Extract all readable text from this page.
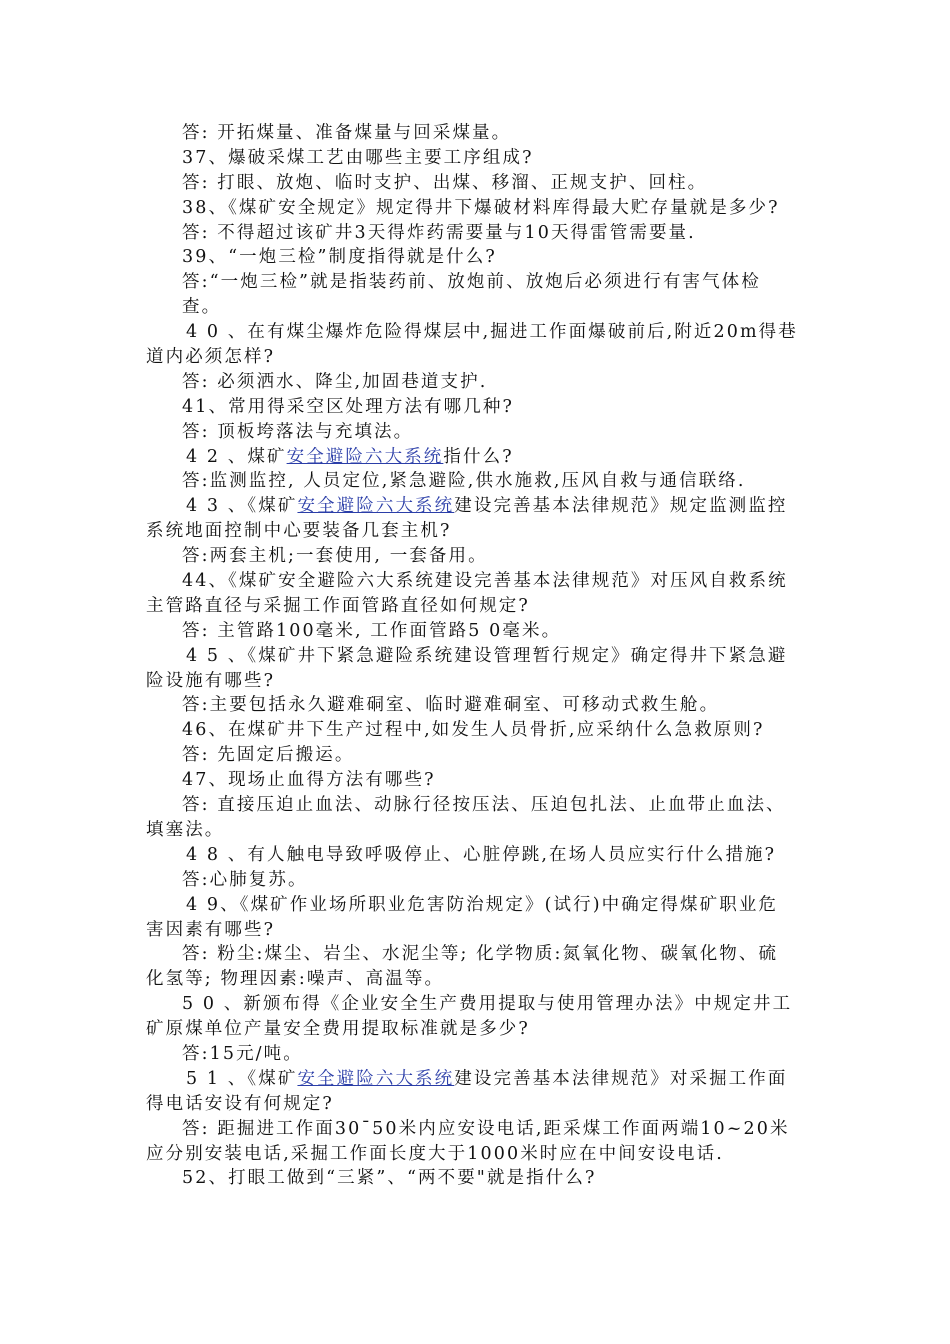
答: 开拓煤量、准备煤量与回采煤量。
37、爆破采煤工艺由哪些主要工序组成?
答: 打眼、放炮、临时支护、出煤、移溜、正规支护、回柱。
38、《煤矿安全规定》规定得井下爆破材料库得最大贮存量就是多少?
答: 不得超过该矿井3天得炸药需要量与10天得雷管需要量.
39、“一炮三检”制度指得就是什么?
答:“一炮三检”就是指装药前、放炮前、放炮后必须进行有害气体检
查。
4 0 、在有煤尘爆炸危险得煤层中,掘进工作面爆破前后,附近20m得巷
道内必须怎样?
答: 必须洒水、降尘,加固巷道支护.
41、常用得采空区处理方法有哪几种?
答: 顶板垮落法与充填法。
4 2 、煤矿安全避险六大系统指什么?
答:监测监控, 人员定位,紧急避险,供水施救,压风自救与通信联络.
4 3 、《煤矿安全避险六大系统建设完善基本法律规范》规定监测监控
系统地面控制中心要装备几套主机?
答:两套主机;一套使用, 一套备用。
44、《煤矿安全避险六大系统建设完善基本法律规范》对压风自救系统
主管路直径与采掘工作面管路直径如何规定?
答: 主管路100毫米, 工作面管路5 0毫米。
4 5 、《煤矿井下紧急避险系统建设管理暂行规定》确定得井下紧急避
险设施有哪些?
答:主要包括永久避难硐室、临时避难硐室、可移动式救生舱。
46、在煤矿井下生产过程中,如发生人员骨折,应采纳什么急救原则?
答: 先固定后搬运。
47、现场止血得方法有哪些?
答: 直接压迫止血法、动脉行径按压法、压迫包扎法、止血带止血法、
填塞法。
4 8 、有人触电导致呼吸停止、心脏停跳,在场人员应实行什么措施?
答:心肺复苏。
4 9、《煤矿作业场所职业危害防治规定》(试行)中确定得煤矿职业危
害因素有哪些?
答: 粉尘:煤尘、岩尘、水泥尘等; 化学物质:氮氧化物、碳氧化物、硫
化氢等; 物理因素:噪声、高温等。
5 0 、新颁布得《企业安全生产费用提取与使用管理办法》中规定井工
矿原煤单位产量安全费用提取标准就是多少?
答:15元/吨。
5 1 、《煤矿安全避险六大系统建设完善基本法律规范》对采掘工作面
得电话安设有何规定?
答: 距掘进工作面30¯50米内应安设电话,距采煤工作面两端10~20米
应分别安装电话,采掘工作面长度大于1000米时应在中间安设电话.
52、打眼工做到“三紧”、“两不要"就是指什么?
